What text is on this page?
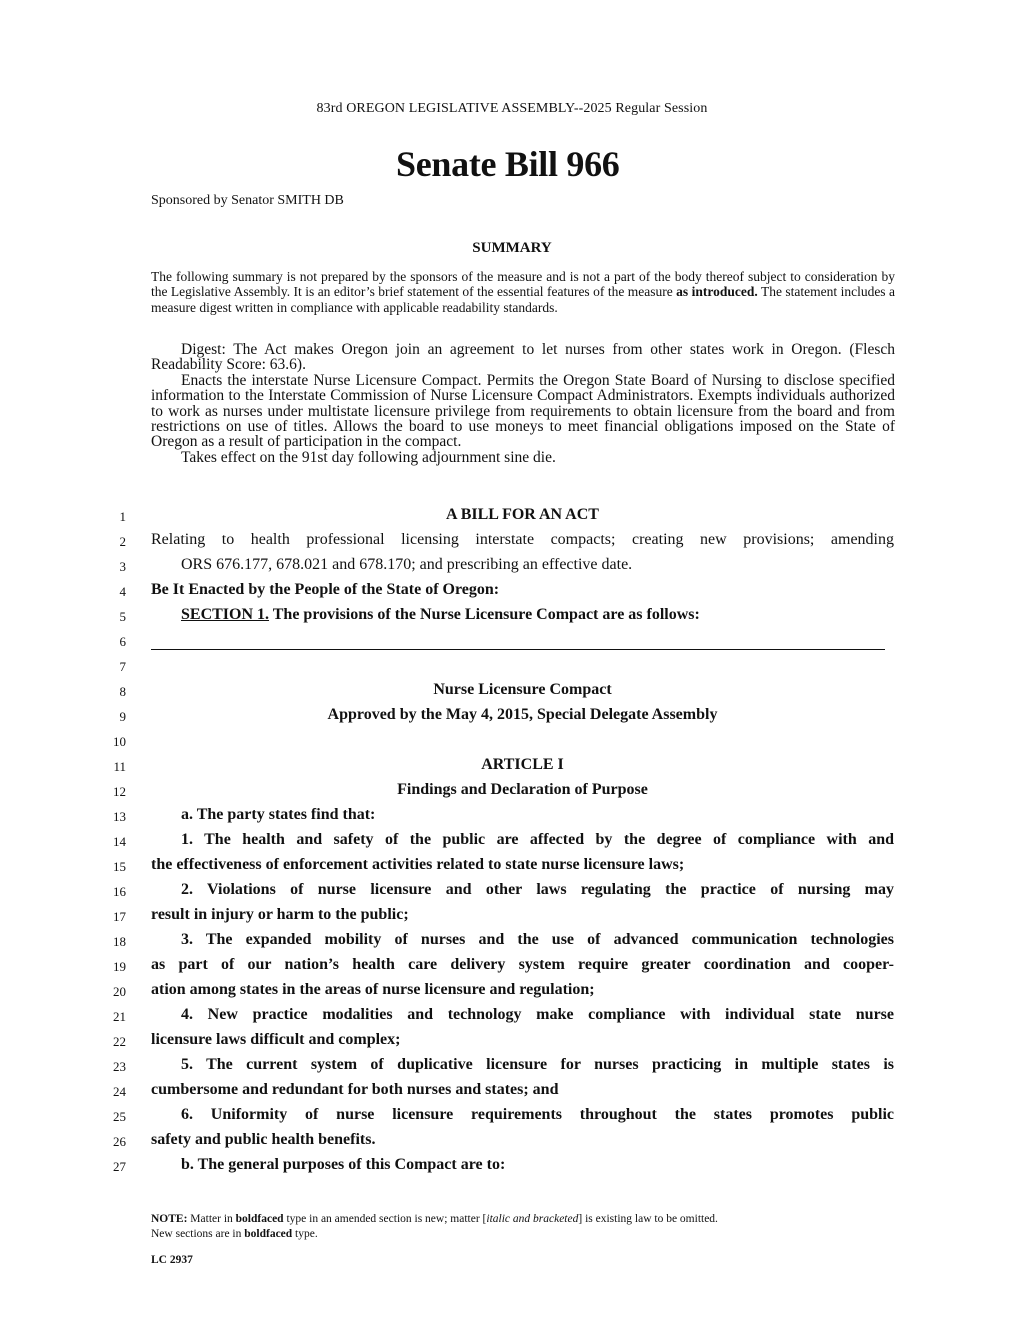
83rd OREGON LEGISLATIVE ASSEMBLY--2025 Regular Session
Senate Bill 966
Sponsored by Senator SMITH DB
SUMMARY
The following summary is not prepared by the sponsors of the measure and is not a part of the body thereof subject to consideration by the Legislative Assembly. It is an editor’s brief statement of the essential features of the measure as introduced. The statement includes a measure digest written in compliance with applicable readability standards.

Digest: The Act makes Oregon join an agreement to let nurses from other states work in Oregon. (Flesch Readability Score: 63.6).

Enacts the interstate Nurse Licensure Compact. Permits the Oregon State Board of Nursing to disclose specified information to the Interstate Commission of Nurse Licensure Compact Administrators. Exempts individuals authorized to work as nurses under multistate licensure privilege from requirements to obtain licensure from the board and from restrictions on use of titles. Allows the board to use moneys to meet financial obligations imposed on the State of Oregon as a result of participation in the compact.

Takes effect on the 91st day following adjournment sine die.

1
2
3
4
5
6
7
8
9
10
11
12
13
14
15
16
17
18
19
20
21
22
23
24
25
26
27
A BILL FOR AN ACT
Relating to health professional licensing interstate compacts; creating new provisions; amending
ORS 676.177, 678.021 and 678.170; and prescribing an effective date.
Be It Enacted by the People of the State of Oregon:
SECTION 1. The provisions of the Nurse Licensure Compact are as follows:
Nurse Licensure Compact
Approved by the May 4, 2015, Special Delegate Assembly
ARTICLE I
Findings and Declaration of Purpose
a. The party states find that:
1. The health and safety of the public are affected by the degree of compliance with and
the effectiveness of enforcement activities related to state nurse licensure laws;
2. Violations of nurse licensure and other laws regulating the practice of nursing may
result in injury or harm to the public;
3. The expanded mobility of nurses and the use of advanced communication technologies
as part of our nation’s health care delivery system require greater coordination and cooper-
ation among states in the areas of nurse licensure and regulation;
4. New practice modalities and technology make compliance with individual state nurse
licensure laws difficult and complex;
5. The current system of duplicative licensure for nurses practicing in multiple states is
cumbersome and redundant for both nurses and states; and
6. Uniformity of nurse licensure requirements throughout the states promotes public
safety and public health benefits.
b. The general purposes of this Compact are to:
NOTE: Matter in boldfaced type in an amended section is new; matter [italic and bracketed] is existing law to be omitted.
New sections are in boldfaced type.
LC 2937
